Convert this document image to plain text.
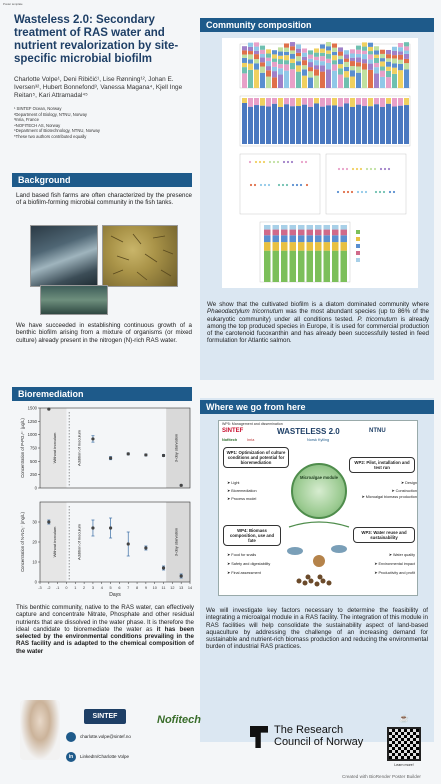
Poster template
Wasteless 2.0: Secondary treatment of RAS water and nutrient revalorization by site-specific microbial biofilm
Charlotte Volpe¹, Deni Ribičić¹, Lise Rønning¹², Johan E. Iversen³², Hubert Bonnefond³, Vanessa Magana⁴, Kjell Inge Reitan⁵, Kari Attramadal⁴⁵
¹ SINTEF Ocean, Norway
²Department of Biology, NTNU, Norway
³Inria, France
⁴NOFITECH AS, Norway
⁵Department of Biotechnology, NTNU, Norway
*These two authors contributed equally
Background
Land based fish farms are often characterized by the presence of a biofilm-forming microbial community in the fish tanks.
We have succeeded in establishing continuous growth of a benthic biofilm arising from a mixture of organisms (or mixed culture) already present in the nitrogen (N)-rich RAS water.
Bioremediation
0
250
500
750
1000
1250
1500
Concentration of P-PO₄³⁻ (µg/L)	Without inoculum	Addition of inoculum	3-day starvation
0
10
20
30
-3 -2 -1 0 1 2 3 4 5 6 7 8 9 10 11 12 13 14
Days
Concentration of N-NO₃⁻ (mg/L)	Without inoculum	Addition of inoculum	3-day starvation
This benthic community, native to the RAS water, can effectively capture and concentrate Nitrate, Phosphate and other residual nutrients that are dissolved in the water phase. It is therefore the ideal candidate to bioremediate the water as it has been selected by the environmental conditions prevailing in the RAS facility and is adapted to the chemical composition of the water
Community composition
We show that the cultivated biofilm is a diatom dominated community where Phaeodactylum tricornutum was the most abundant species (up to 86% of the eukaryotic community) under all conditions tested. P. tricornutum is already among the top produced species in Europe, it is used for commercial production of the carotenoid fucoxanthin and has already been successfully tested in feed formulation for Atlantic salmon.
Where we go from here
WP5: Management and dissemination
SINTEF	WASTELESS 2.0	NTNU
Nofitech	Inria	Norsk Kylling
Microalgae module
WP1: Optimization of culture conditions and potential for bioremediation
➤ Light
➤ Bioremediation
➤ Process model
WP2: Pilot, installation and test run
➤ Design
➤ Construction
➤ Microalgal biomass production
WP4: Biomass composition, use and fate
➤ Food for snails
➤ Safety and digestability
➤ Final assessment
WP3: Water reuse and sustainability
➤ Water quality
➤ Environmental impact
➤ Productivity and profit
We will investigate key factors necessary to determine the feasibility of integrating a microalgal module in a RAS facility. The integration of this module in RAS facilities will help consolidate the sustainability aspect of land-based aquaculture by addressing the challenge of an increasing demand for sustainable and nutrient-rich biomass production and reducing the environmental burden of industrial RAS practices.
SINTEF
charlotte.volpe@sintef.no
in	LinkedIn/Charlotte Volpe
Nofitech
The Research
Council of Norway
☕
Learn more!
Created with BioRender Poster Builder
